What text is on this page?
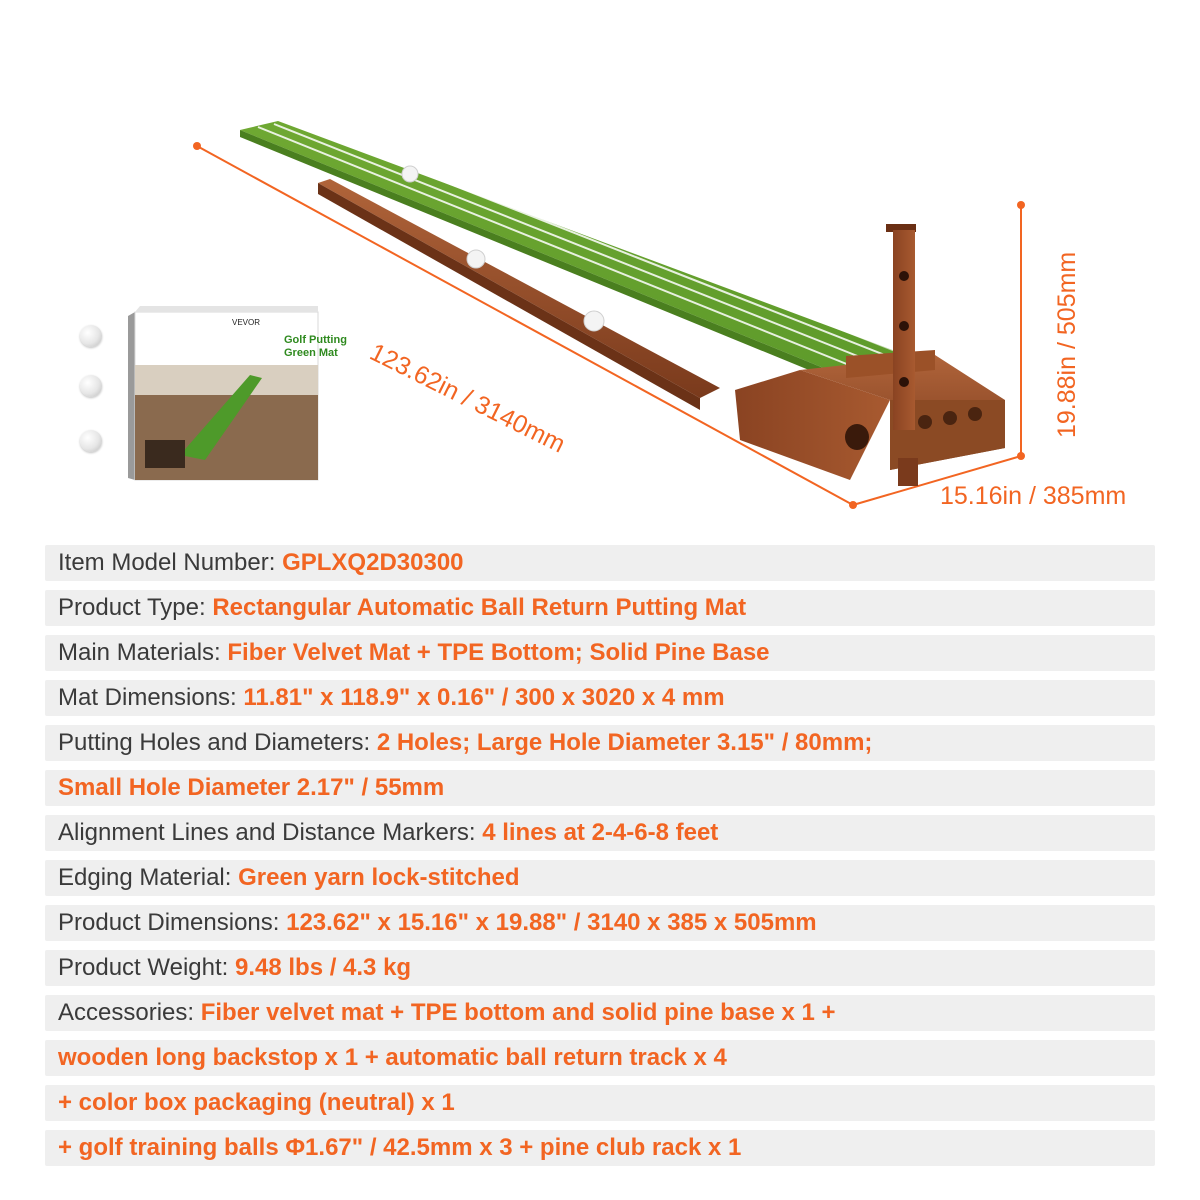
VEVOR
Golf Putting Green Mat	123.62in / 3140mm	19.88in / 505mm
15.16in / 385mm
Item Model Number: GPLXQ2D30300
Product Type: Rectangular Automatic Ball Return Putting Mat
Main Materials: Fiber Velvet Mat + TPE Bottom; Solid Pine Base
Mat Dimensions: 11.81" x 118.9" x 0.16" / 300 x 3020 x 4 mm
Putting Holes and Diameters: 2 Holes; Large Hole Diameter 3.15" / 80mm;
Small Hole Diameter 2.17" / 55mm
Alignment Lines and Distance Markers: 4 lines at 2-4-6-8 feet
Edging Material: Green yarn lock-stitched
Product Dimensions: 123.62" x 15.16" x 19.88" / 3140 x 385 x 505mm
Product Weight: 9.48 lbs / 4.3 kg
Accessories: Fiber velvet mat + TPE bottom and solid pine base x 1 +
wooden long backstop x 1 + automatic ball return track x 4
+ color box packaging (neutral) x 1
+ golf training balls Φ1.67" / 42.5mm x 3 + pine club rack x 1
